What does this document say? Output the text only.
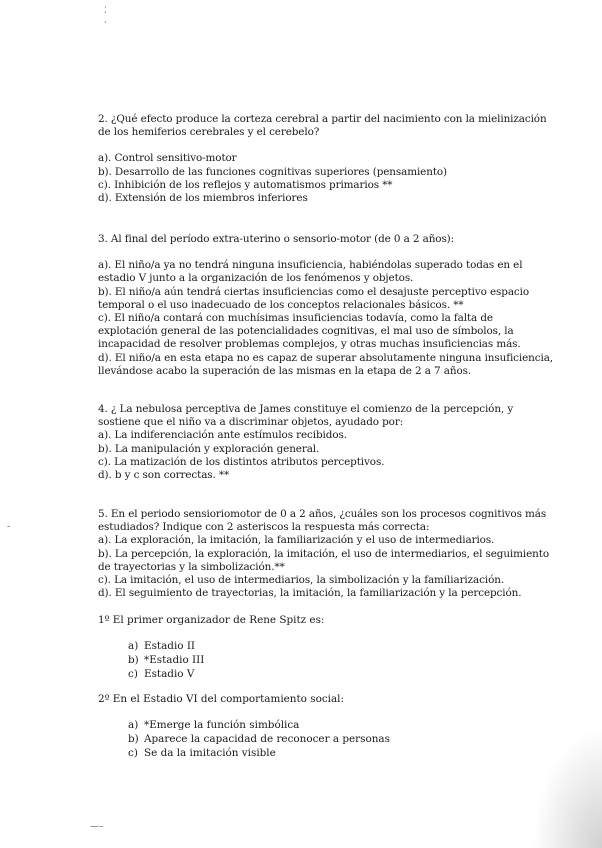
⁚
·
-
—–

2. ¿Qué efecto produce la corteza cerebral a partir del nacimiento con la mielinización

de los hemiferios cerebrales y el cerebelo?

a). Control sensitivo-motor

b). Desarrollo de las funciones cognitivas superiores (pensamiento)

c). Inhibición de los reflejos y automatismos primarios **

d). Extensión de los miembros inferiores

3. Al final del período extra-uterino o sensorio-motor (de 0 a 2 años):

a). El niño/a ya no tendrá ninguna insuficiencia, habiéndolas superado todas en el

estadio V junto a la organización de los fenómenos y objetos.

b). El niño/a aún tendrá ciertas insuficiencias como el desajuste perceptivo espacio

temporal o el uso inadecuado de los conceptos relacionales básicos. **

c). El niño/a contará con muchísimas insuficiencias todavía, como la falta de

explotación general de las potencialidades cognitivas, el mal uso de símbolos, la

incapacidad de resolver problemas complejos, y otras muchas insuficiencias más.

d). El niño/a en esta etapa no es capaz de superar absolutamente ninguna insuficiencia,

llevándose acabo la superación de las mismas en la etapa de 2 a 7 años.

4. ¿ La nebulosa perceptiva de James constituye el comienzo de la percepción, y

sostiene que el niño va a discriminar objetos, ayudado por:

a). La indiferenciación ante estímulos recibidos.

b). La manipulación y exploración general.

c). La matización de los distintos atributos perceptivos.

d). b y c son correctas. **

5. En el periodo sensioriomotor de 0 a 2 años, ¿cuáles son los procesos cognitivos más

estudiados? Indique con 2 asteriscos la respuesta más correcta:

a). La exploración, la imitación, la familiarización y el uso de intermediarios.

b). La percepción, la exploración, la imitación, el uso de intermediarios, el seguimiento

de trayectorias y la simbolización.**

c). La imitación, el uso de intermediarios, la simbolización y la familiarización.

d). El seguimiento de trayectorias, la imitación, la familiarización y la percepción.

1º El primer organizador de Rene Spitz es:

a) Estadio II
b) *Estadio III
c) Estadio V

2º En el Estadio VI del comportamiento social:

a) *Emerge la función simbólica
b) Aparece la capacidad de reconocer a personas
c) Se da la imitación visible
